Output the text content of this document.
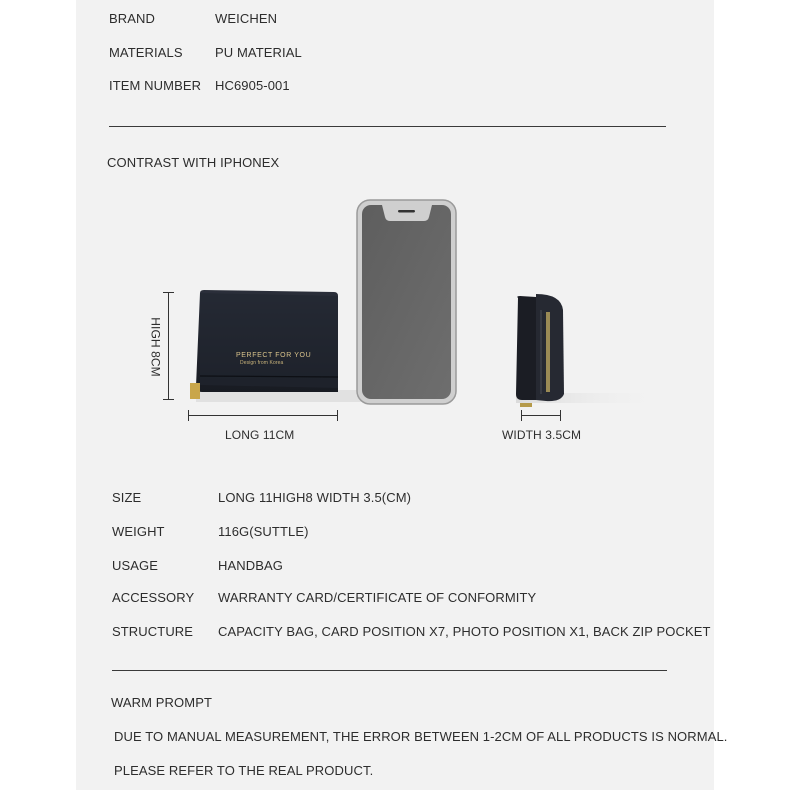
BRAND	WEICHEN
MATERIALS PU MATERIAL
ITEM NUMBER HC6905-001
CONTRAST WITH IPHONEX
PERFECT FOR YOU
Design from Korea
HIGH 8CM
LONG 11CM	WIDTH 3.5CM
SIZE	LONG 11HIGH8 WIDTH 3.5(CM)
WEIGHT	116G(SUTTLE)
USAGE	HANDBAG
ACCESSORY WARRANTY CARD/CERTIFICATE OF CONFORMITY
STRUCTURE CAPACITY BAG, CARD POSITION X7, PHOTO POSITION X1, BACK ZIP POCKET
WARM PROMPT
DUE TO MANUAL MEASUREMENT, THE ERROR BETWEEN 1-2CM OF ALL PRODUCTS IS NORMAL.
PLEASE REFER TO THE REAL PRODUCT.
